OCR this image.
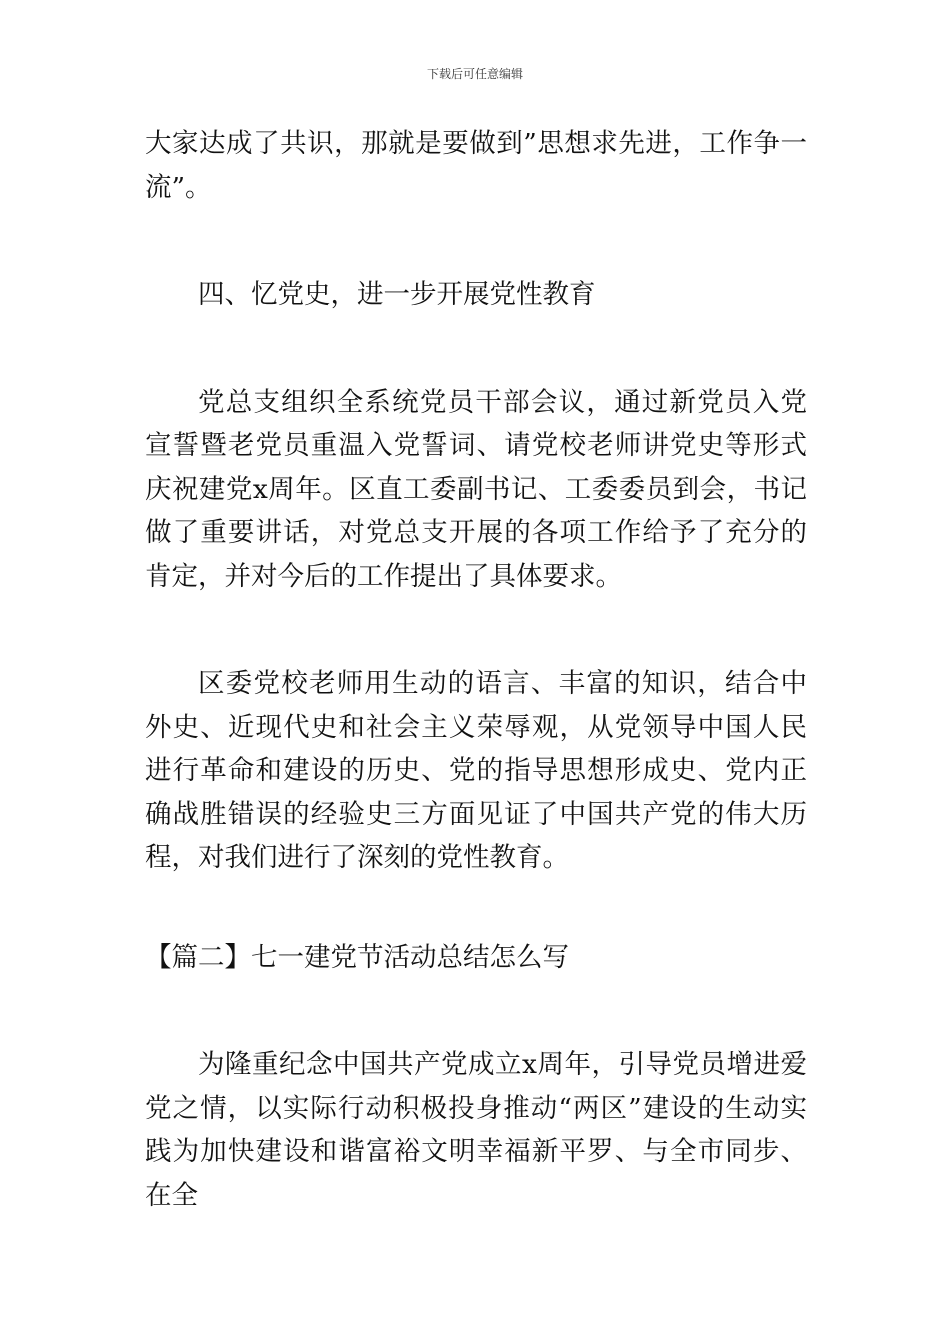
下载后可任意编辑

大家达成了共识，那就是要做到”思想求先进，工作争一流”。

四、忆党史，进一步开展党性教育

党总支组织全系统党员干部会议，通过新党员入党宣誓暨老党员重温入党誓词、请党校老师讲党史等形式庆祝建党x周年。区直工委副书记、工委委员到会，书记做了重要讲话，对党总支开展的各项工作给予了充分的肯定，并对今后的工作提出了具体要求。

区委党校老师用生动的语言、丰富的知识，结合中外史、近现代史和社会主义荣辱观，从党领导中国人民进行革命和建设的历史、党的指导思想形成史、党内正确战胜错误的经验史三方面见证了中国共产党的伟大历程，对我们进行了深刻的党性教育。

【篇二】七一建党节活动总结怎么写

为隆重纪念中国共产党成立x周年，引导党员增进爱党之情，以实际行动积极投身推动“两区”建设的生动实践为加快建设和谐富裕文明幸福新平罗、与全市同步、在全
